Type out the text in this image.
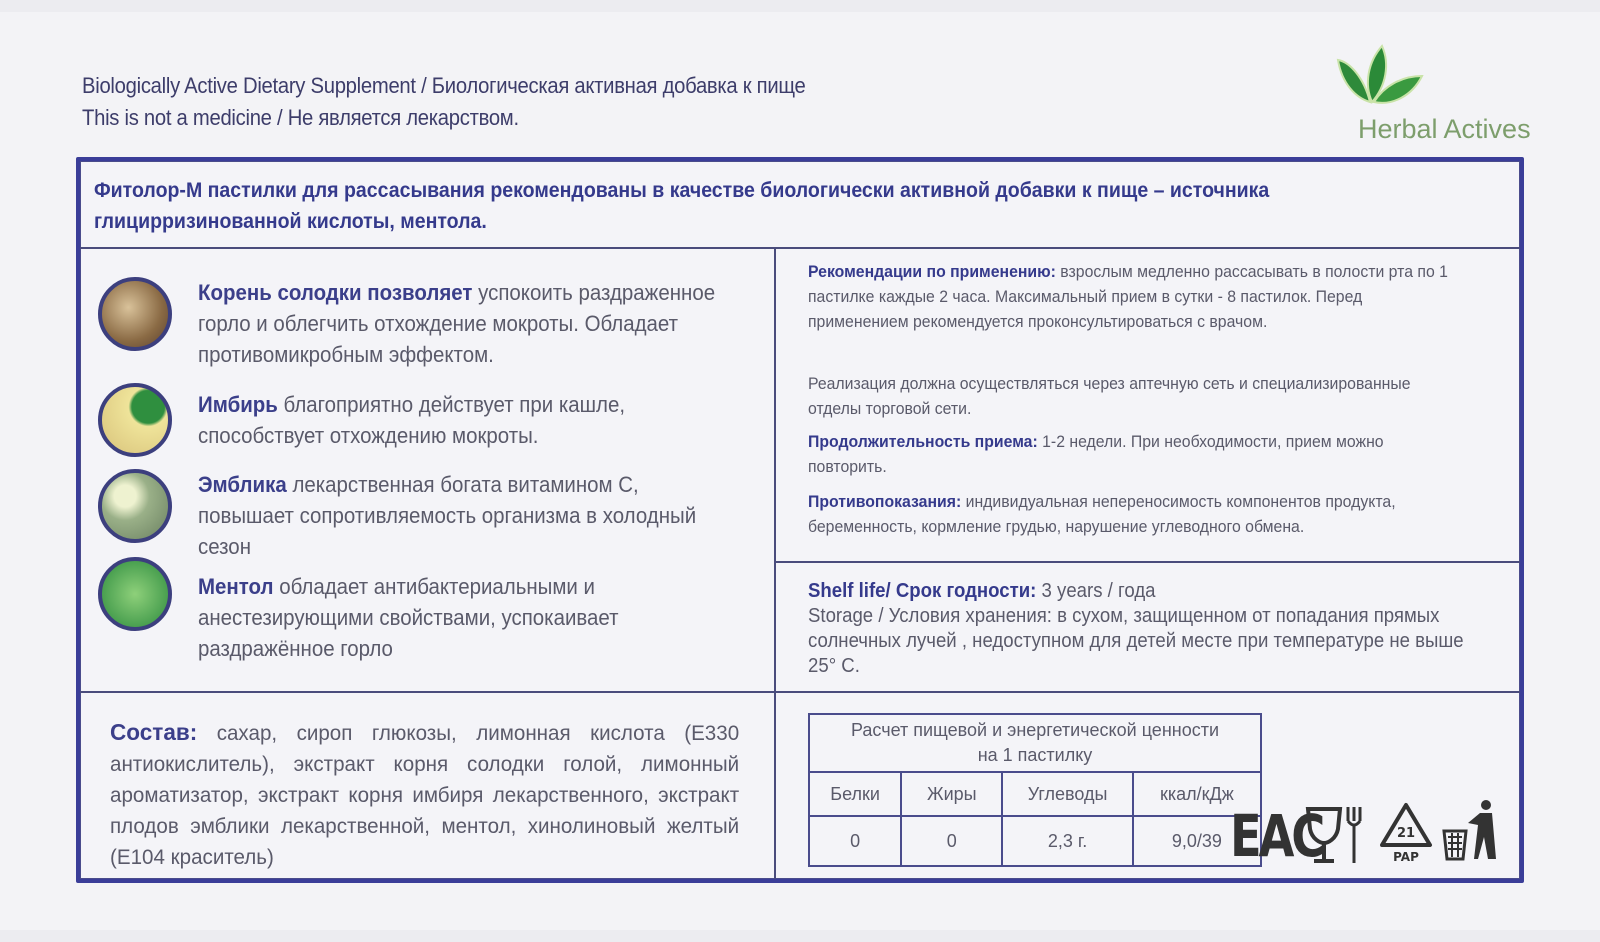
Biologically Active Dietary Supplement / Биологическая активная добавка к пище
This is not a medicine / Не является лекарством.	Herbal Actives
Фитолор-М пастилки для рассасывания рекомендованы в качестве биологически активной добавки к пище – источника глицирризинованной кислоты, ментола.
Корень солодки позволяет успокоить раздраженное горло и облегчить отхождение мокроты. Обладает противомикробным эффектом.
Имбирь благоприятно действует при кашле, способствует отхождению мокроты.
Эмблика лекарственная богата витамином С, повышает сопротивляемость организма в холодный сезон
Ментол обладает антибактериальными и анестезирующими свойствами, успокаивает раздражённое горло
Рекомендации по применению: взрослым медленно рассасывать в полости рта по 1 пастилке каждые 2 часа. Максимальный прием в сутки - 8 пастилок. Перед применением рекомендуется проконсультироваться с врачом.
Реализация должна осуществляться через аптечную сеть и специализированные отделы торговой сети.
Продолжительность приема: 1-2 недели. При необходимости, прием можно повторить.
Противопоказания: индивидуальная непереносимость компонентов продукта, беременность, кормление грудью, нарушение углеводного обмена.
Shelf life/ Срок годности: 3 years / года
Storage / Условия хранения: в сухом, защищенном от попадания прямых солнечных лучей , недоступном для детей месте при температуре не выше 25° С.
Состав: сахар, сироп глюкозы, лимонная кислота (Е330 антиокислитель), экстракт корня солодки голой, лимонный ароматизатор, экстракт корня имбиря лекарственного, экстракт плодов эмблики лекарственной, ментол, хинолиновый желтый (Е104 краситель)
Расчет пищевой и энергетической ценности на 1 пастилку			
Белки	Жиры	Углеводы	ккал/кДж
0	0	2,3 г.	9,0/39 EAC	21
PAP
